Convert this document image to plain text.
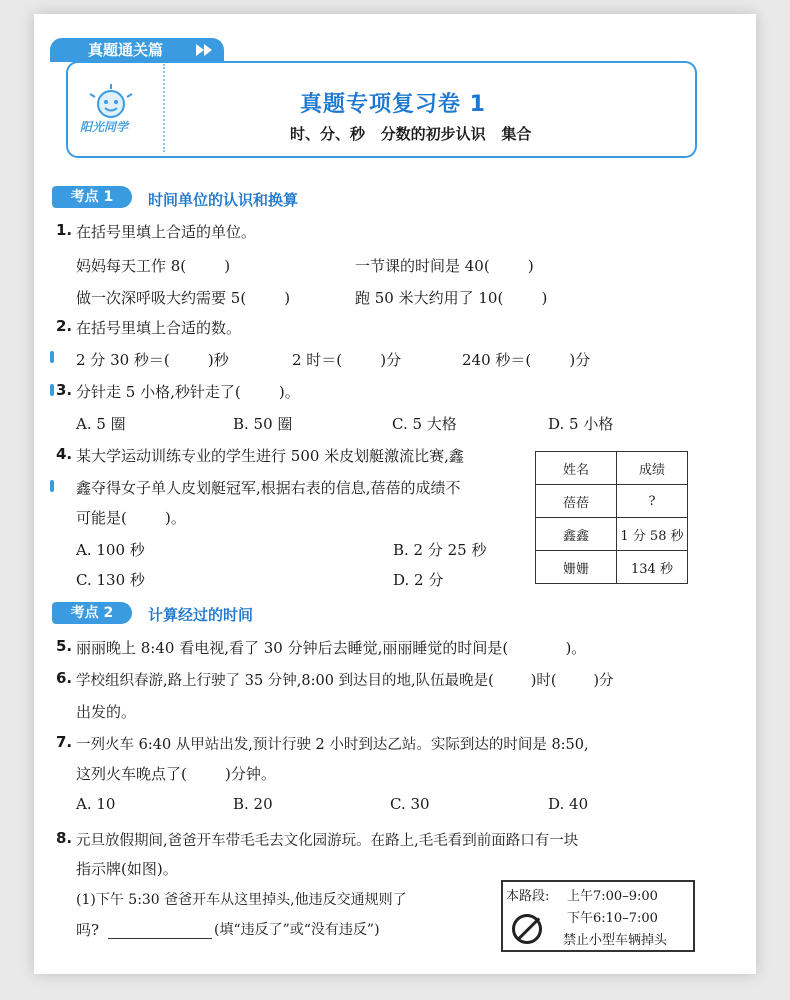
真题通关篇
阳光同学
真题专项复习卷 1
时、分、秒   分数的初步认识   集合
考点 1	时间单位的认识和换算
1. 在括号里填上合适的单位。
妈妈每天工作 8(        )	一节课的时间是 40(        )
做一次深呼吸大约需要 5(        )	跑 50 米大约用了 10(        )
2. 在括号里填上合适的数。
2 分 30 秒＝(        )秒	2 时＝(        )分	240 秒＝(        )分
3. 分针走 5 小格,秒针走了(        )。
A. 5 圈	B. 50 圈	C. 5 大格	D. 5 小格
4. 某大学运动训练专业的学生进行 500 米皮划艇激流比赛,鑫
鑫夺得女子单人皮划艇冠军,根据右表的信息,蓓蓓的成绩不
可能是(        )。
A. 100 秒	B. 2 分 25 秒
C. 130 秒	D. 2 分
姓名	成绩
蓓蓓	?
鑫鑫	1 分 58 秒
姗姗	134 秒
考点 2	计算经过的时间
5. 丽丽晚上 8:40 看电视,看了 30 分钟后去睡觉,丽丽睡觉的时间是(            )。
6. 学校组织春游,路上行驶了 35 分钟,8:00 到达目的地,队伍最晚是(        )时(        )分
出发的。
7. 一列火车 6:40 从甲站出发,预计行驶 2 小时到达乙站。实际到达的时间是 8:50,
这列火车晚点了(        )分钟。
A. 10	B. 20	C. 30	D. 40
8. 元旦放假期间,爸爸开车带毛毛去文化园游玩。在路上,毛毛看到前面路口有一块
指示牌(如图)。
(1)下午 5:30 爸爸开车从这里掉头,他违反交通规则了
吗?	(填“违反了”或“没有违反”)
本路段: 上午7:00–9:00
下午6:10–7:00
禁止小型车辆掉头
